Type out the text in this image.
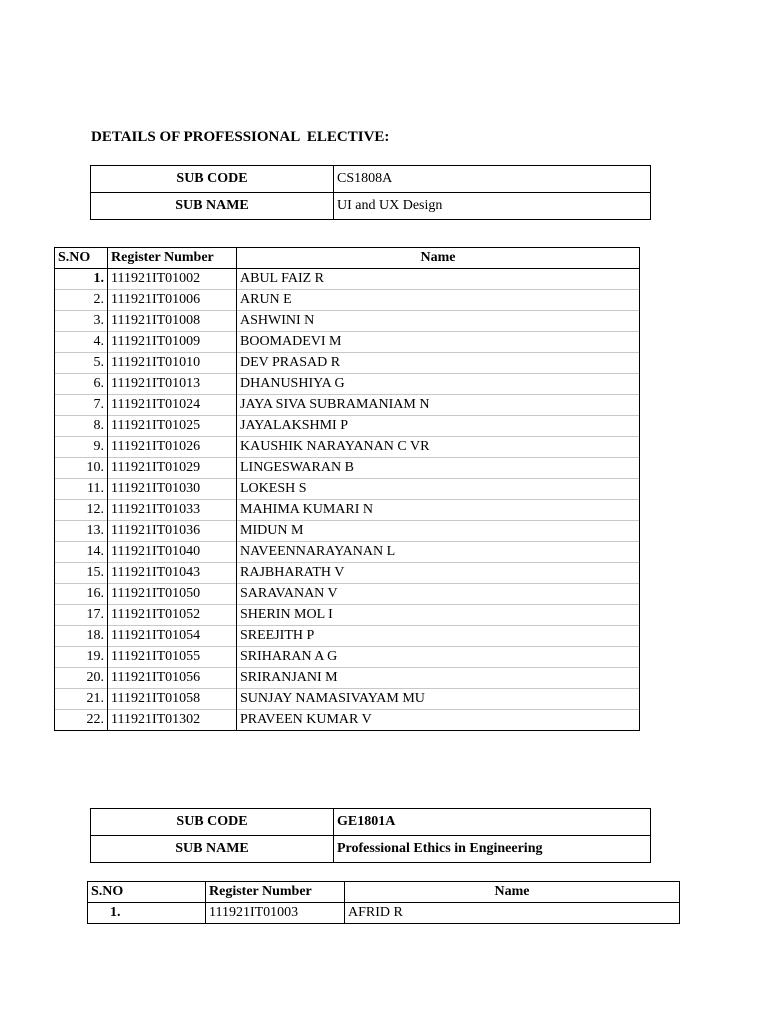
DETAILS OF PROFESSIONAL  ELECTIVE:
SUB CODE	CS1808A
SUB NAME	UI and UX Design
S.NO	Register Number	Name
1.	111921IT01002	ABUL FAIZ R
2.	111921IT01006	ARUN E
3.	111921IT01008	ASHWINI N
4.	111921IT01009	BOOMADEVI M
5.	111921IT01010	DEV PRASAD R
6.	111921IT01013	DHANUSHIYA G
7.	111921IT01024	JAYA SIVA SUBRAMANIAM N
8.	111921IT01025	JAYALAKSHMI P
9.	111921IT01026	KAUSHIK NARAYANAN C VR
10.	111921IT01029	LINGESWARAN B
11.	111921IT01030	LOKESH S
12.	111921IT01033	MAHIMA KUMARI N
13.	111921IT01036	MIDUN M
14.	111921IT01040	NAVEENNARAYANAN L
15.	111921IT01043	RAJBHARATH V
16.	111921IT01050	SARAVANAN V
17.	111921IT01052	SHERIN MOL I
18.	111921IT01054	SREEJITH P
19.	111921IT01055	SRIHARAN A G
20.	111921IT01056	SRIRANJANI M
21.	111921IT01058	SUNJAY NAMASIVAYAM MU
22.	111921IT01302	PRAVEEN KUMAR V
SUB CODE	GE1801A
SUB NAME	Professional Ethics in Engineering
S.NO	Register Number	Name
1.	111921IT01003	AFRID R
